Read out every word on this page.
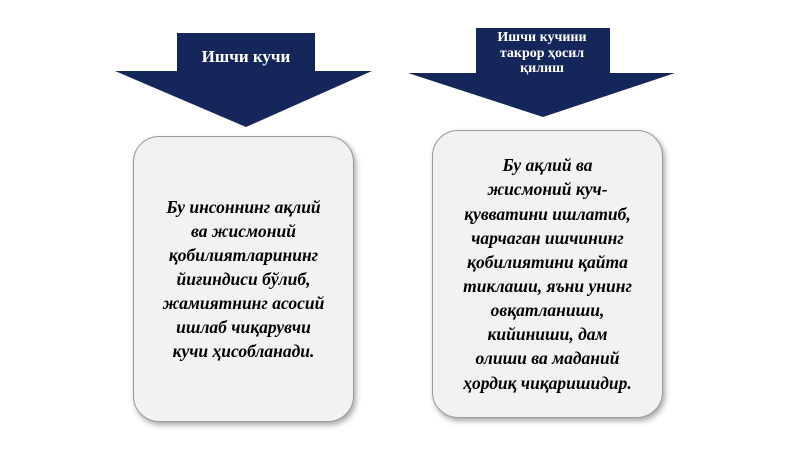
Ишчи кучи
Ишчи кучини
такрор ҳосил
қилиш
Бу инсоннинг ақлий
ва жисмоний
қобилиятларининг
йиғиндиси бўлиб,
жамиятнинг асосий
ишлаб чиқарувчи
кучи ҳисобланади.
Бу ақлий ва
жисмоний куч-
қувватини ишлатиб,
чарчаган ишчининг
қобилиятини қайта
тиклаши, яъни унинг
овқатланиши,
кийиниши, дам
олиши ва маданий
ҳордиқ чиқаришидир.
